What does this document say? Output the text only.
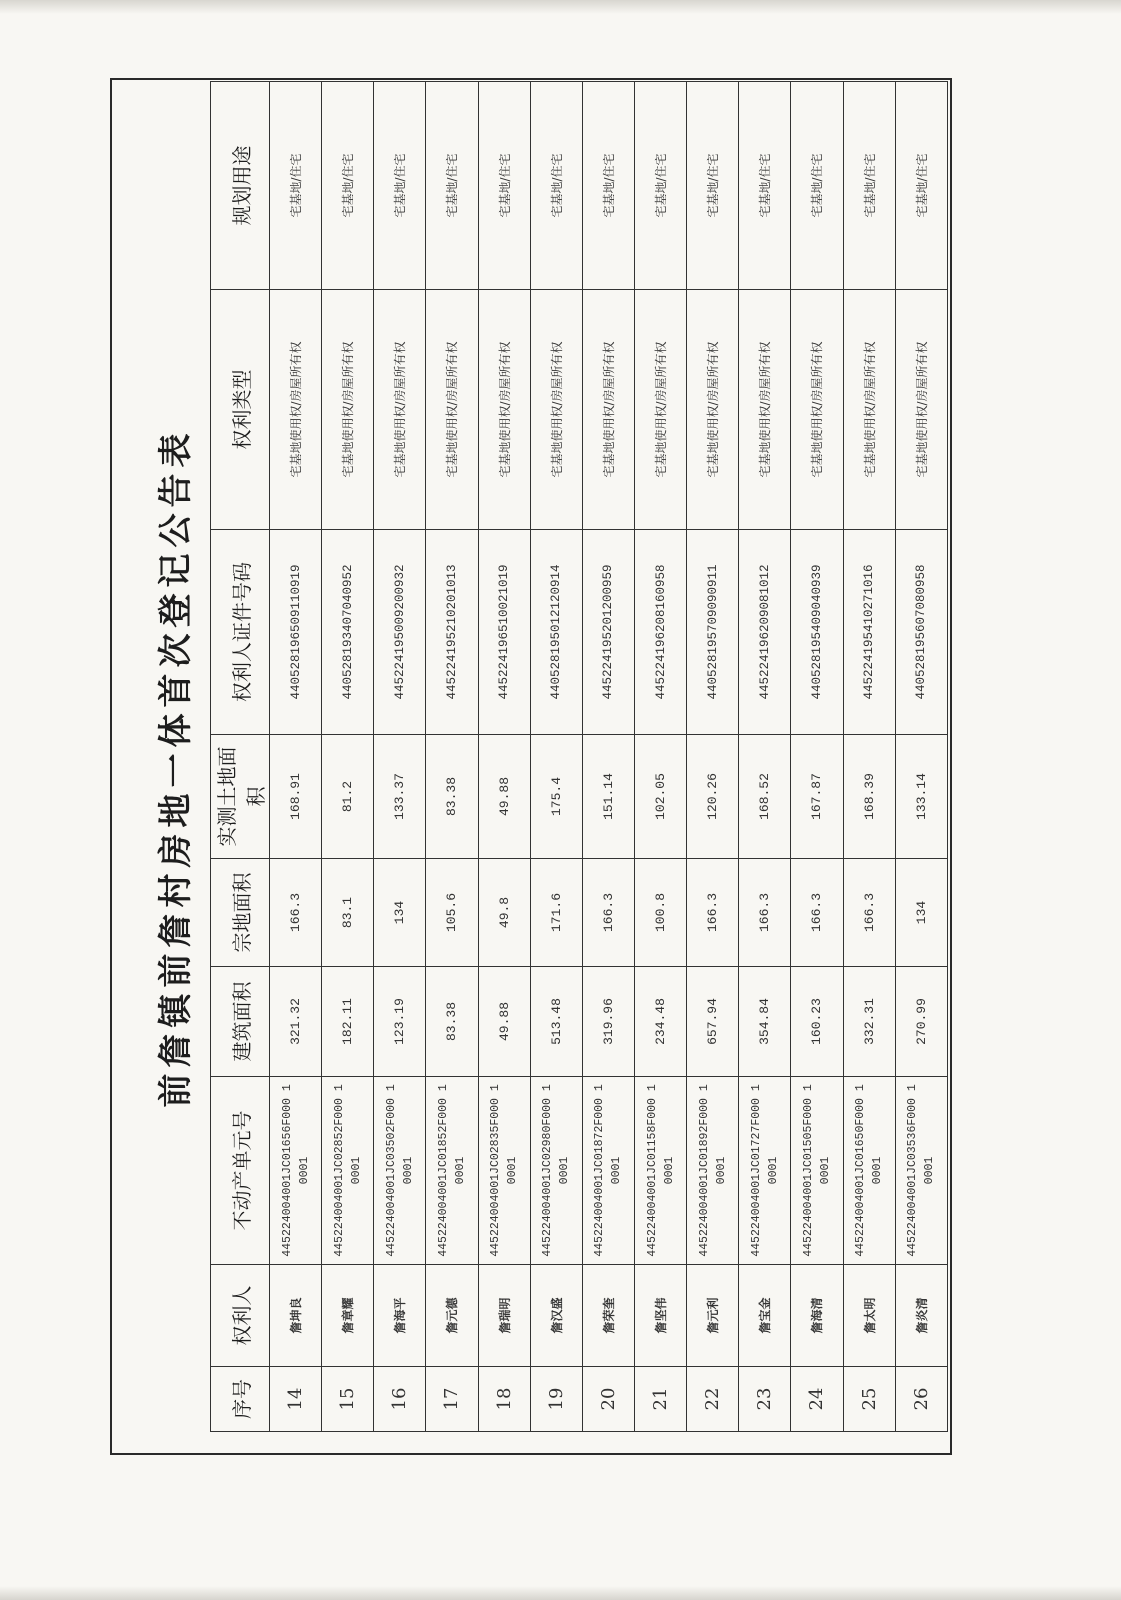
前詹镇前詹村房地一体首次登记公告表
序号	权利人	不动产单元号	建筑面积	宗地面积	实测土地面积	权利人证件号码	权利类型	规划用途
14	詹坤良	445224004001JC01656F000 10001	321.32	166.3	168.91	440528196509110919	宅基地使用权/房屋所有权	宅基地/住宅
15	詹章耀	445224004001JC02852F000 10001	182.11	83.1	81.2	440528193407040952	宅基地使用权/房屋所有权	宅基地/住宅
16	詹海平	445224004001JC03502F000 10001	123.19	134	133.37	445224195009200932	宅基地使用权/房屋所有权	宅基地/住宅
17	詹元德	445224004001JC01852F000 10001	83.38	105.6	83.38	445224195210201013	宅基地使用权/房屋所有权	宅基地/住宅
18	詹瑞明	445224004001JC02835F000 10001	49.88	49.8	49.88	445224196510021019	宅基地使用权/房屋所有权	宅基地/住宅
19	詹汉盛	445224004001JC02980F000 10001	513.48	171.6	175.4	440528195012120914	宅基地使用权/房屋所有权	宅基地/住宅
20	詹荣奎	445224004001JC01872F000 10001	319.96	166.3	151.14	445224195201200959	宅基地使用权/房屋所有权	宅基地/住宅
21	詹坚伟	445224004001JC01158F000 10001	234.48	100.8	102.05	445224196208160958	宅基地使用权/房屋所有权	宅基地/住宅
22	詹元利	445224004001JC01892F000 10001	657.94	166.3	120.26	440528195709090911	宅基地使用权/房屋所有权	宅基地/住宅
23	詹宝金	445224004001JC01727F000 10001	354.84	166.3	168.52	445224196209081012	宅基地使用权/房屋所有权	宅基地/住宅
24	詹海清	445224004001JC01505F000 10001	160.23	166.3	167.87	440528195409040939	宅基地使用权/房屋所有权	宅基地/住宅
25	詹太明	445224004001JC01650F000 10001	332.31	166.3	168.39	445224195410271016	宅基地使用权/房屋所有权	宅基地/住宅
26	詹炎清	445224004001JC03536F000 10001	270.99	134	133.14	440528195607080958	宅基地使用权/房屋所有权	宅基地/住宅
